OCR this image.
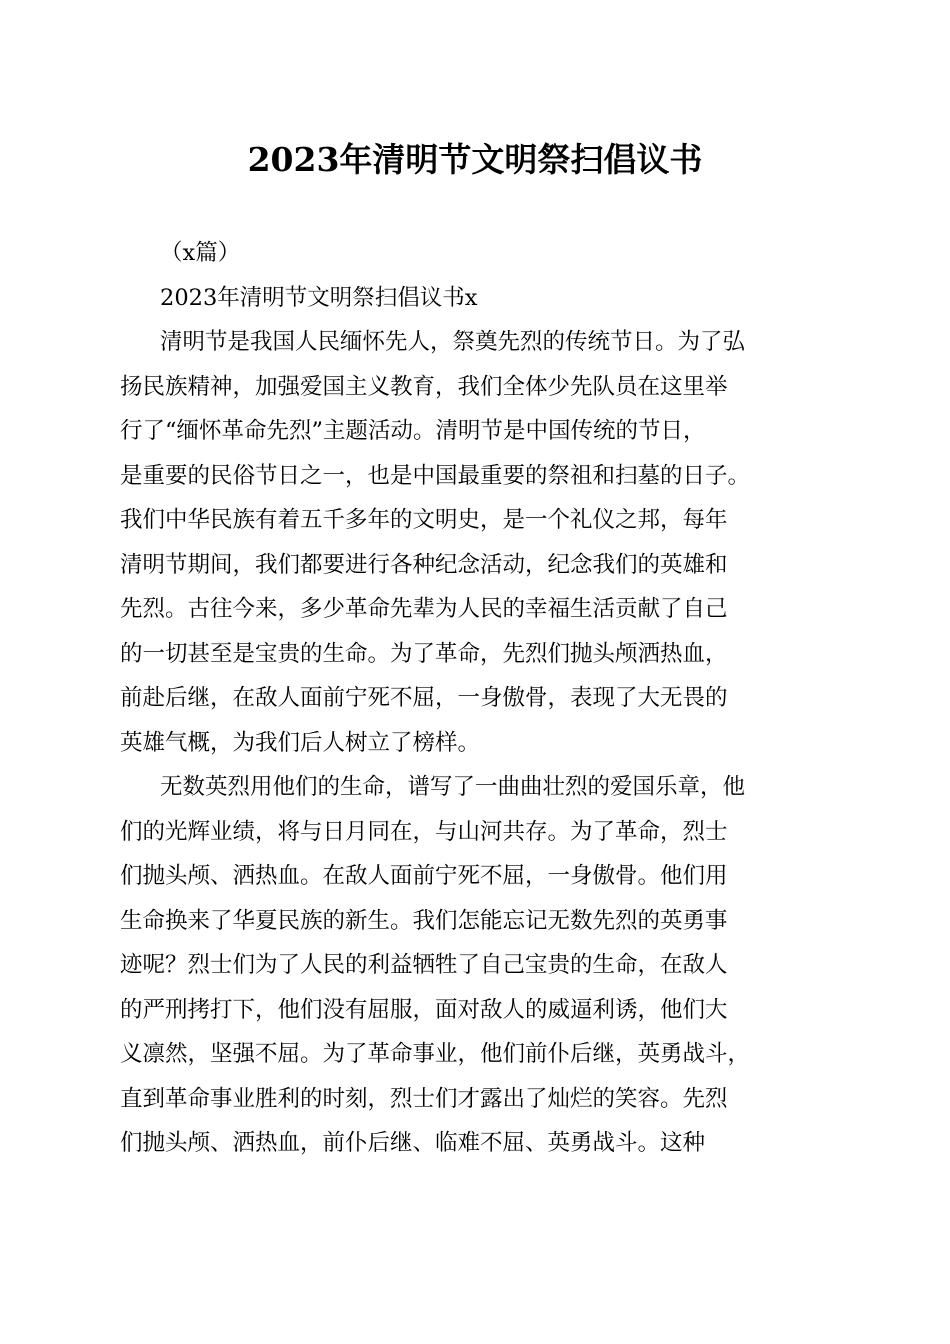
2023年清明节文明祭扫倡议书

（x篇）

2023年清明节文明祭扫倡议书x

清明节是我国人民缅怀先人，祭奠先烈的传统节日。为了弘

扬民族精神，加强爱国主义教育，我们全体少先队员在这里举

行了“缅怀革命先烈”主题活动。清明节是中国传统的节日，

是重要的民俗节日之一，也是中国最重要的祭祖和扫墓的日子。

我们中华民族有着五千多年的文明史，是一个礼仪之邦，每年

清明节期间，我们都要进行各种纪念活动，纪念我们的英雄和

先烈。古往今来，多少革命先辈为人民的幸福生活贡献了自己

的一切甚至是宝贵的生命。为了革命，先烈们抛头颅洒热血，

前赴后继，在敌人面前宁死不屈，一身傲骨，表现了大无畏的

英雄气概，为我们后人树立了榜样。

无数英烈用他们的生命，谱写了一曲曲壮烈的爱国乐章，他

们的光辉业绩，将与日月同在，与山河共存。为了革命，烈士

们抛头颅、洒热血。在敌人面前宁死不屈，一身傲骨。他们用

生命换来了华夏民族的新生。我们怎能忘记无数先烈的英勇事

迹呢？烈士们为了人民的利益牺牲了自己宝贵的生命，在敌人

的严刑拷打下，他们没有屈服，面对敌人的威逼利诱，他们大

义凛然，坚强不屈。为了革命事业，他们前仆后继，英勇战斗，

直到革命事业胜利的时刻，烈士们才露出了灿烂的笑容。先烈

们抛头颅、洒热血，前仆后继、临难不屈、英勇战斗。这种
